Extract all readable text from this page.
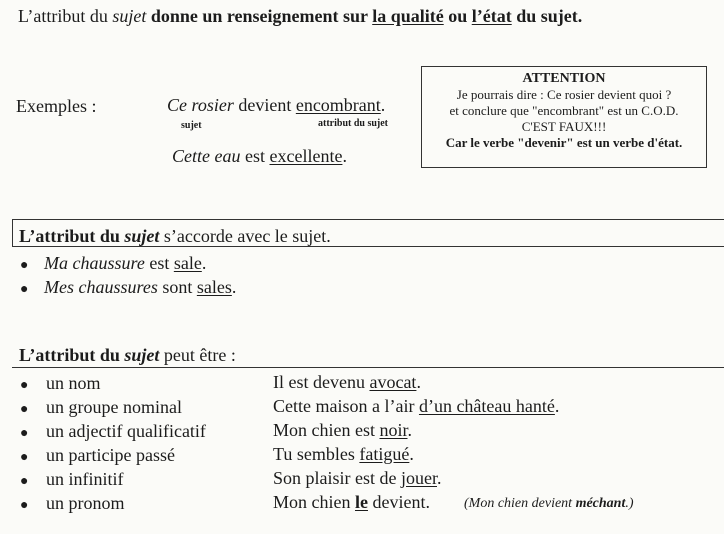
L’attribut du sujet donne un renseignement sur la qualité ou l’état du sujet.
Exemples :	Ce rosier devient encombrant.
sujet	attribut du sujet
Cette eau est excellente.
ATTENTION
Je pourrais dire : Ce rosier devient quoi ?
et conclure que "encombrant" est un C.O.D.
C'EST FAUX!!!
Car le verbe "devenir" est un verbe d'état.
L’attribut du sujet s’accorde avec le sujet.
● Ma chaussure est sale.
● Mes chaussures sont sales.
L’attribut du sujet peut être :
● un nom	Il est devenu avocat.
● un groupe nominal	Cette maison a l’air d’un château hanté.
● un adjectif qualificatif	Mon chien est noir.
● un participe passé	Tu sembles fatigué.
● un infinitif	Son plaisir est de jouer.
● un pronom	Mon chien le devient. (Mon chien devient méchant.)
